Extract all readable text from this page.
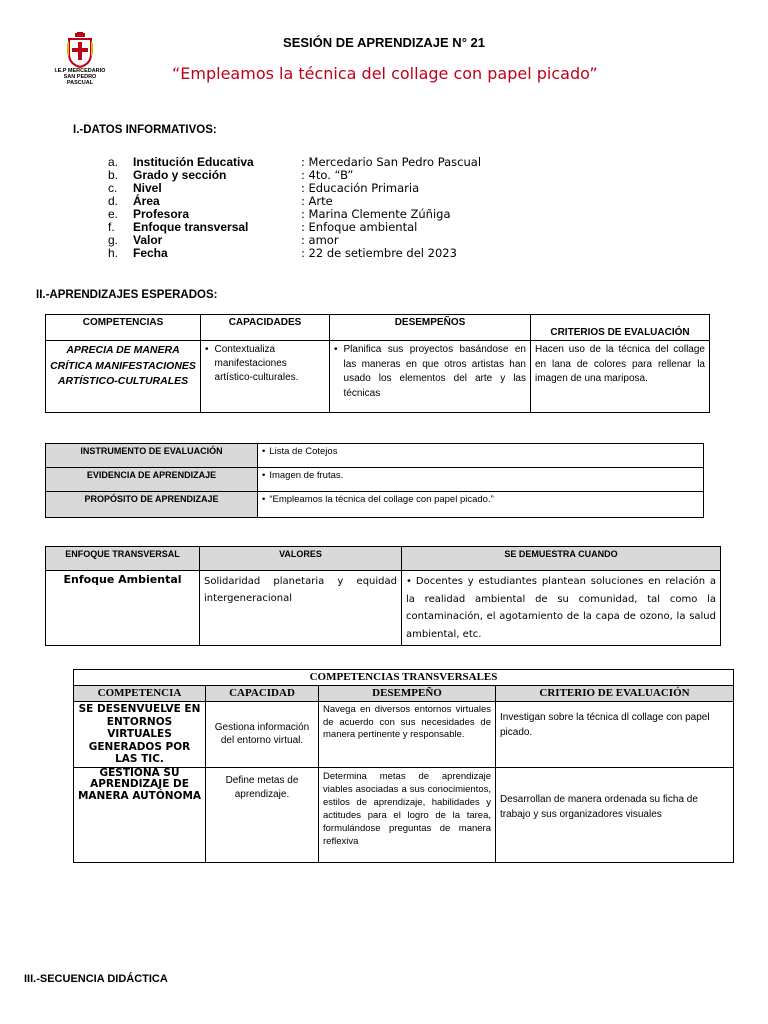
I.E.P MERCEDARIO
SAN PEDRO PASCUAL
SESIÓN DE APRENDIZAJE N° 21
“Empleamos la técnica del collage con papel picado”
I.-DATOS INFORMATIVOS:
a.	Institución Educativa	: Mercedario San Pedro Pascual
b.	Grado y sección	: 4to. “B”
c.	Nivel	: Educación Primaria
d.	Área	: Arte
e.	Profesora	: Marina Clemente Zúñiga
f.	Enfoque transversal	: Enfoque ambiental
g.	Valor	: amor
h.	Fecha	: 22 de setiembre del 2023
II.-APRENDIZAJES ESPERADOS:
COMPETENCIAS	CAPACIDADES	DESEMPEÑOS	CRITERIOS DE EVALUACIÓN
APRECIA DE MANERA CRÍTICA MANIFESTACIONES ARTÍSTICO-CULTURALES	• Contextualiza manifestaciones artístico-culturales.	• Planifica sus proyectos basándose en las maneras en que otros artistas han usado los elementos del arte y las técnicas	Hacen uso de la técnica del collage en lana de colores para rellenar la imagen de una mariposa.
INSTRUMENTO DE EVALUACIÓN	•Lista de Cotejos
EVIDENCIA DE APRENDIZAJE	•Imagen de frutas.
PROPÓSITO DE APRENDIZAJE	•“Empleamos la técnica del collage con papel picado.”
ENFOQUE TRANSVERSAL	VALORES	SE DEMUESTRA CUANDO
Enfoque Ambiental	Solidaridad planetaria y equidad intergeneracional	• Docentes y estudiantes plantean soluciones en relación a la realidad ambiental de su comunidad, tal como la contaminación, el agotamiento de la capa de ozono, la salud ambiental, etc.
COMPETENCIAS TRANSVERSALES			
COMPETENCIA	CAPACIDAD	DESEMPEÑO	CRITERIO DE EVALUACIÓN
SE DESENVUELVE EN ENTORNOS VIRTUALES GENERADOS POR LAS TIC.	Gestiona información del entorno virtual.	Navega en diversos entornos virtuales de acuerdo con sus necesidades de manera pertinente y responsable.	Investigan sobre la técnica dl collage con papel picado.
GESTIONA SU APRENDIZAJE DE MANERA AUTÓNOMA	Define metas de aprendizaje.	Determina metas de aprendizaje viables asociadas a sus conocimientos, estilos de aprendizaje, habilidades y actitudes para el logro de la tarea, formulándose preguntas de manera reflexiva	Desarrollan de manera ordenada su ficha de trabajo y sus organizadores visuales
III.-SECUENCIA DIDÁCTICA
